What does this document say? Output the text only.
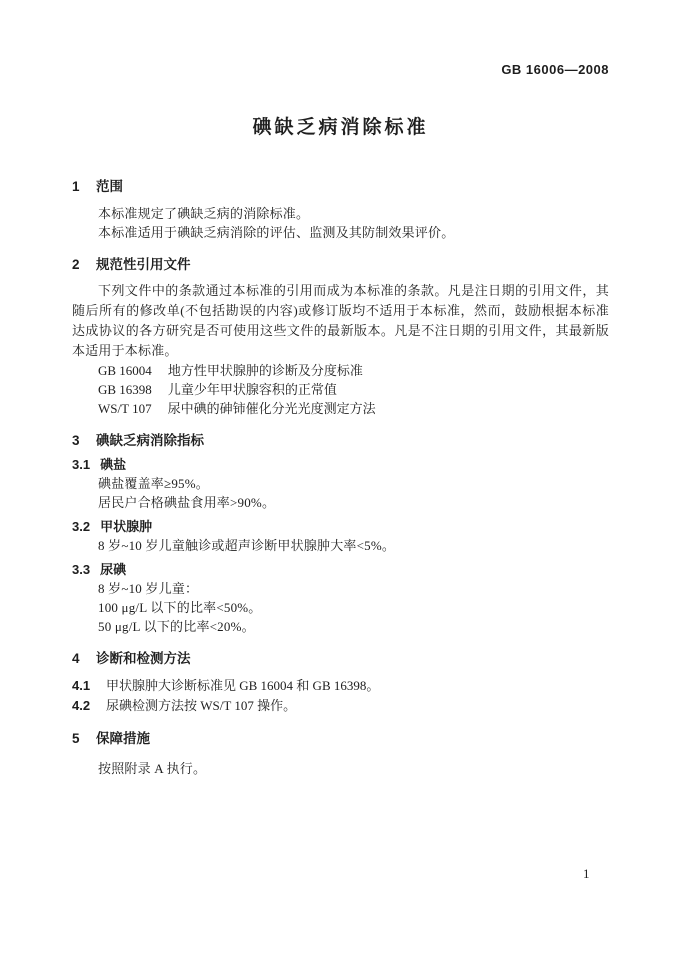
GB 16006—2008
碘缺乏病消除标准
1 范围

本标准规定了碘缺乏病的消除标准。

本标准适用于碘缺乏病消除的评估、监测及其防制效果评价。

2 规范性引用文件

下列文件中的条款通过本标准的引用而成为本标准的条款。凡是注日期的引用文件，其随后所有的修改单(不包括勘误的内容)或修订版均不适用于本标准，然而，鼓励根据本标准达成协议的各方研究是否可使用这些文件的最新版本。凡是不注日期的引用文件，其最新版本适用于本标准。

GB 16004 地方性甲状腺肿的诊断及分度标准
GB 16398 儿童少年甲状腺容积的正常值
WS/T 107 尿中碘的砷铈催化分光光度测定方法
3 碘缺乏病消除指标
3.1 碘盐

碘盐覆盖率≥95%。

居民户合格碘盐食用率>90%。

3.2 甲状腺肿

8 岁~10 岁儿童触诊或超声诊断甲状腺肿大率<5%。

3.3 尿碘

8 岁~10 岁儿童：

100 μg/L 以下的比率<50%。

50 μg/L 以下的比率<20%。

4 诊断和检测方法

4.1 甲状腺肿大诊断标准见 GB 16004 和 GB 16398。

4.2 尿碘检测方法按 WS/T 107 操作。

5 保障措施

按照附录 A 执行。

1
